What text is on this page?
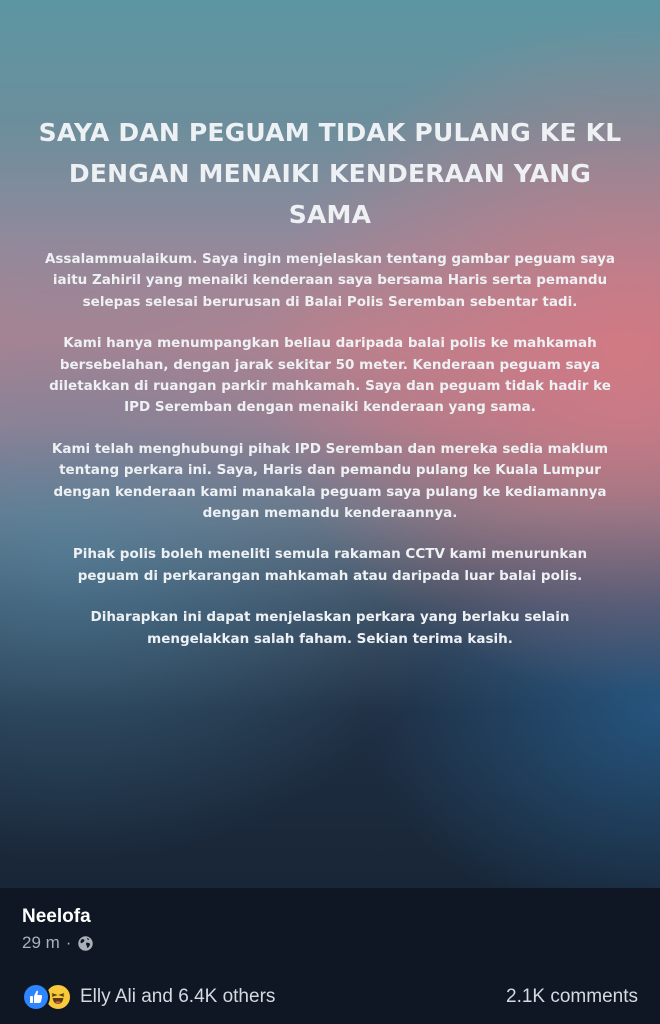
SAYA DAN PEGUAM TIDAK PULANG KE KL DENGAN MENAIKI KENDERAAN YANG SAMA

Assalammualaikum. Saya ingin menjelaskan tentang gambar peguam saya iaitu Zahiril yang menaiki kenderaan saya bersama Haris serta pemandu selepas selesai berurusan di Balai Polis Seremban sebentar tadi.

Kami hanya menumpangkan beliau daripada balai polis ke mahkamah bersebelahan, dengan jarak sekitar 50 meter. Kenderaan peguam saya diletakkan di ruangan parkir mahkamah. Saya dan peguam tidak hadir ke IPD Seremban dengan menaiki kenderaan yang sama.

Kami telah menghubungi pihak IPD Seremban dan mereka sedia maklum tentang perkara ini. Saya, Haris dan pemandu pulang ke Kuala Lumpur dengan kenderaan kami manakala peguam saya pulang ke kediamannya dengan memandu kenderaannya.

Pihak polis boleh meneliti semula rakaman CCTV kami menurunkan peguam di perkarangan mahkamah atau daripada luar balai polis.

Diharapkan ini dapat menjelaskan perkara yang berlaku selain mengelakkan salah faham. Sekian terima kasih.

Neelofa
29 m ·
Elly Ali and 6.4K others	2.1K comments
